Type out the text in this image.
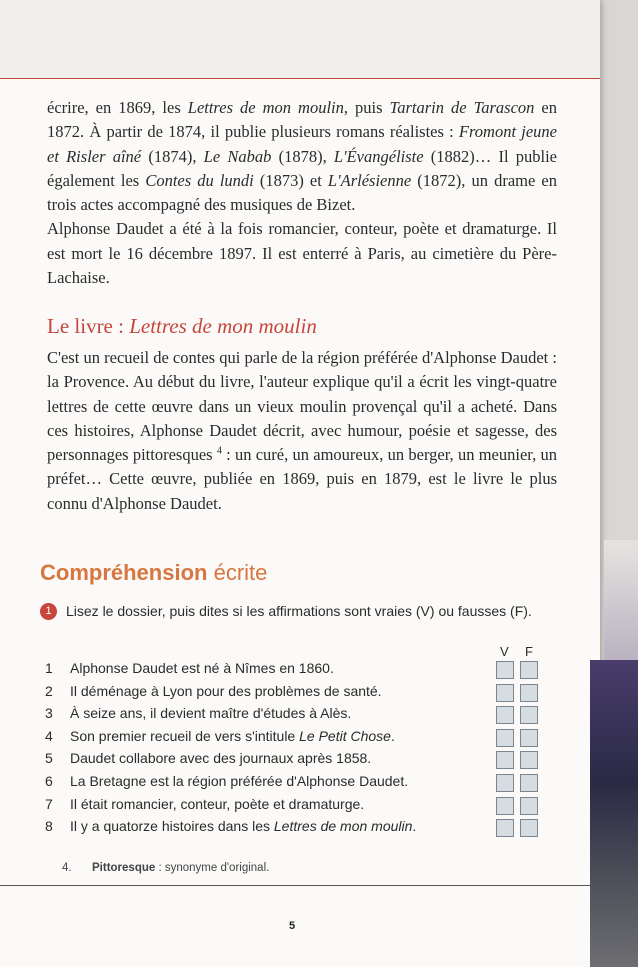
écrire, en 1869, les Lettres de mon moulin, puis Tartarin de Tarascon en 1872. À partir de 1874, il publie plusieurs romans réalistes : Fromont jeune et Risler aîné (1874), Le Nabab (1878), L'Évangéliste (1882)… Il publie également les Contes du lundi (1873) et L'Arlésienne (1872), un drame en trois actes accompagné des musiques de Bizet.

Alphonse Daudet a été à la fois romancier, conteur, poète et dramaturge. Il est mort le 16 décembre 1897. Il est enterré à Paris, au cimetière du Père-Lachaise.

Le livre : Lettres de mon moulin

C'est un recueil de contes qui parle de la région préférée d'Alphonse Daudet : la Provence. Au début du livre, l'auteur explique qu'il a écrit les vingt-quatre lettres de cette œuvre dans un vieux moulin provençal qu'il a acheté. Dans ces histoires, Alphonse Daudet décrit, avec humour, poésie et sagesse, des personnages pittoresques $^4$ : un curé, un amoureux, un berger, un meunier, un préfet… Cette œuvre, publiée en 1869, puis en 1879, est le livre le plus connu d'Alphonse Daudet.

Compréhension écrite
1	Lisez le dossier, puis dites si les affirmations sont vraies (V) ou fausses (F).
V F
1	Alphonse Daudet est né à Nîmes en 1860.
2	Il déménage à Lyon pour des problèmes de santé.
3	À seize ans, il devient maître d'études à Alès.
4	Son premier recueil de vers s'intitule Le Petit Chose.
5	Daudet collabore avec des journaux après 1858.
6	La Bretagne est la région préférée d'Alphonse Daudet.
7	Il était romancier, conteur, poète et dramaturge.
8	Il y a quatorze histoires dans les Lettres de mon moulin.
4. Pittoresque : synonyme d'original.
5
